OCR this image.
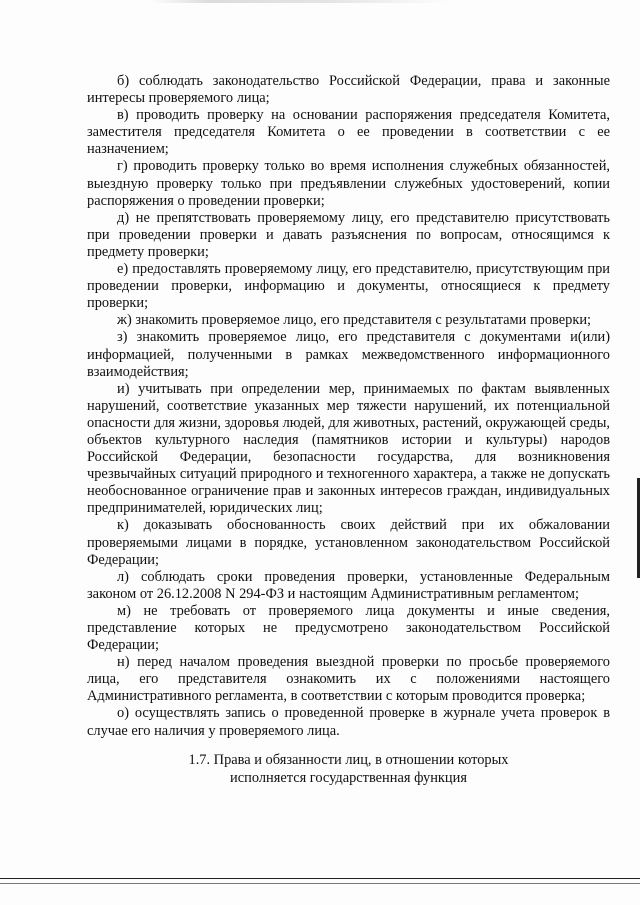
б) соблюдать законодательство Российской Федерации, права и законные интересы проверяемого лица;

в) проводить проверку на основании распоряжения председателя Комитета, заместителя председателя Комитета о ее проведении в соответствии с ее назначением;

г) проводить проверку только во время исполнения служебных обязанностей, выездную проверку только при предъявлении служебных удостоверений, копии распоряжения о проведении проверки;

д) не препятствовать проверяемому лицу, его представителю присутствовать при проведении проверки и давать разъяснения по вопросам, относящимся к предмету проверки;

е) предоставлять проверяемому лицу, его представителю, присутствующим при проведении проверки, информацию и документы, относящиеся к предмету проверки;

ж) знакомить проверяемое лицо, его представителя с результатами проверки;

з) знакомить проверяемое лицо, его представителя с документами и(или) информацией, полученными в рамках межведомственного информационного взаимодействия;

и) учитывать при определении мер, принимаемых по фактам выявленных нарушений, соответствие указанных мер тяжести нарушений, их потенциальной опасности для жизни, здоровья людей, для животных, растений, окружающей среды, объектов культурного наследия (памятников истории и культуры) народов Российской Федерации, безопасности государства, для возникновения чрезвычайных ситуаций природного и техногенного характера, а также не допускать необоснованное ограничение прав и законных интересов граждан, индивидуальных предпринимателей, юридических лиц;

к) доказывать обоснованность своих действий при их обжаловании проверяемыми лицами в порядке, установленном законодательством Российской Федерации;

л) соблюдать сроки проведения проверки, установленные Федеральным законом от 26.12.2008 N 294-ФЗ и настоящим Административным регламентом;

м) не требовать от проверяемого лица документы и иные сведения, представление которых не предусмотрено законодательством Российской Федерации;

н) перед началом проведения выездной проверки по просьбе проверяемого лица, его представителя ознакомить их с положениями настоящего Административного регламента, в соответствии с которым проводится проверка;

о) осуществлять запись о проведенной проверке в журнале учета проверок в случае его наличия у проверяемого лица.

1.7. Права и обязанности лиц, в отношении которых
исполняется государственная функция
